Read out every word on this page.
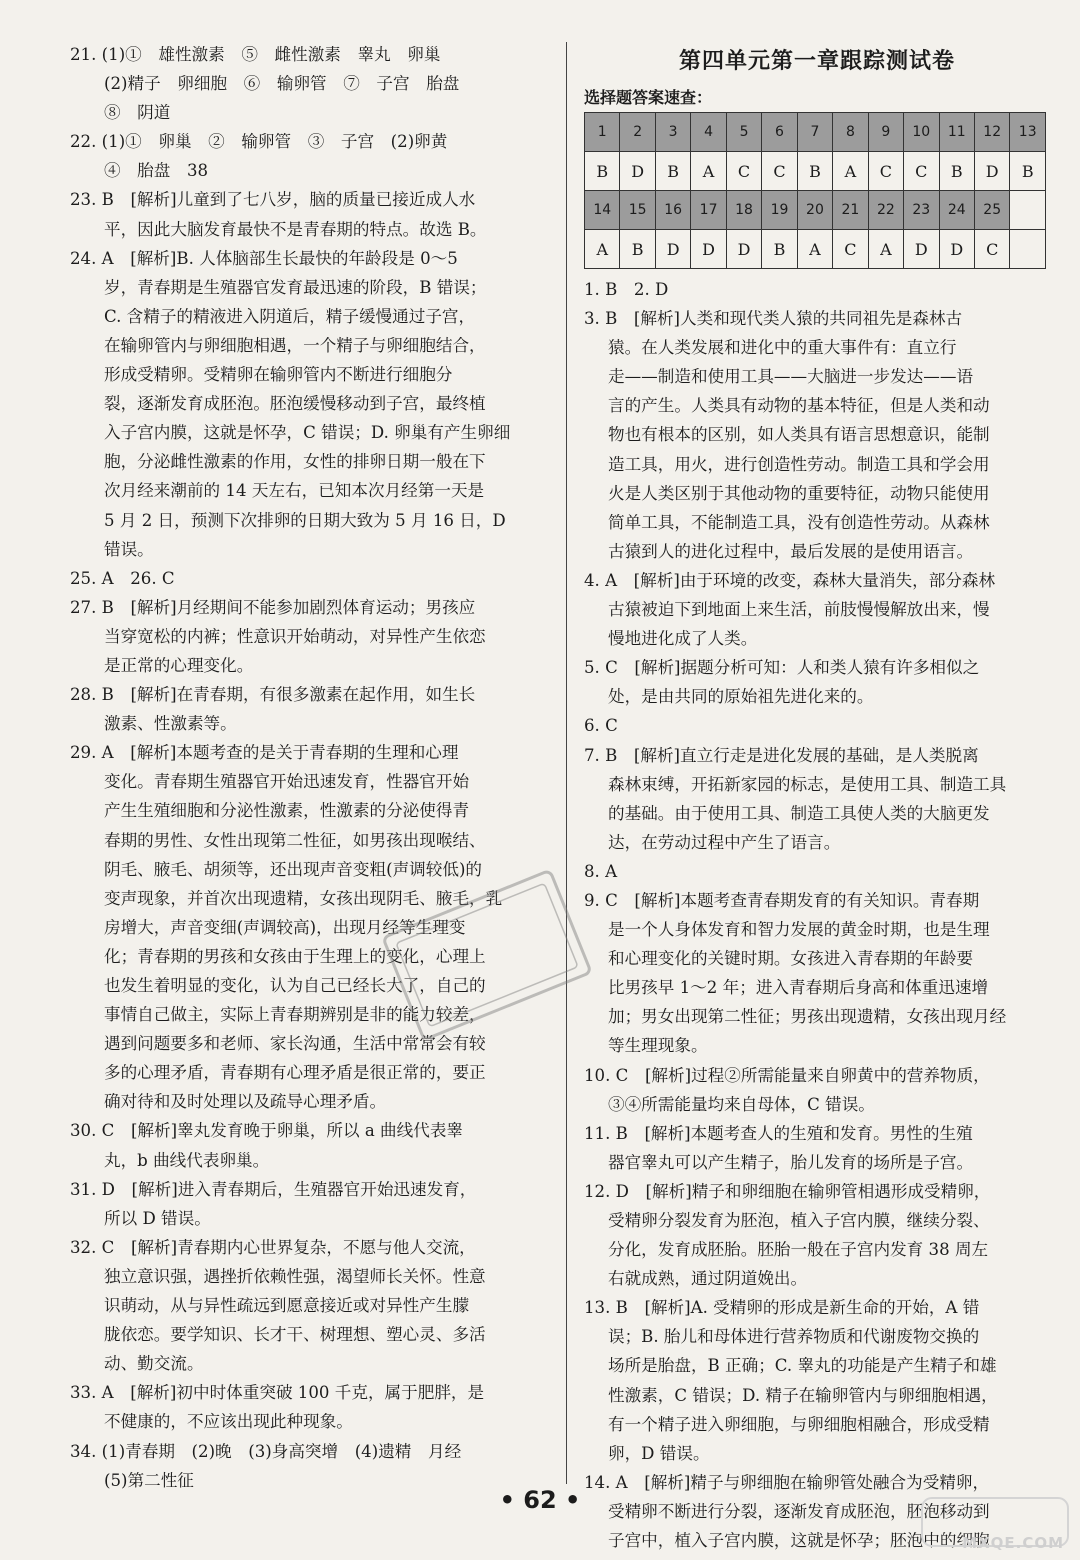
21. (1)①　雄性激素　⑤　雌性激素　睾丸　卵巢
(2)精子　卵细胞　⑥　输卵管　⑦　子宫　胎盘
⑧　阴道

22. (1)①　卵巢　②　输卵管　③　子宫　(2)卵黄
④　胎盘　38

23. B　[解析]儿童到了七八岁，脑的质量已接近成人水
平，因此大脑发育最快不是青春期的特点。故选 B。

24. A　[解析]B. 人体脑部生长最快的年龄段是 0～5
岁，青春期是生殖器官发育最迅速的阶段，B 错误；
C. 含精子的精液进入阴道后，精子缓慢通过子宫，
在输卵管内与卵细胞相遇，一个精子与卵细胞结合，
形成受精卵。受精卵在输卵管内不断进行细胞分
裂，逐渐发育成胚泡。胚泡缓慢移动到子宫，最终植
入子宫内膜，这就是怀孕，C 错误；D. 卵巢有产生卵细
胞，分泌雌性激素的作用，女性的排卵日期一般在下
次月经来潮前的 14 天左右，已知本次月经第一天是
5 月 2 日，预测下次排卵的日期大致为 5 月 16 日，D
错误。

25. A　26. C

27. B　[解析]月经期间不能参加剧烈体育运动；男孩应
当穿宽松的内裤；性意识开始萌动，对异性产生依恋
是正常的心理变化。

28. B　[解析]在青春期，有很多激素在起作用，如生长
激素、性激素等。

29. A　[解析]本题考查的是关于青春期的生理和心理
变化。青春期生殖器官开始迅速发育，性器官开始
产生生殖细胞和分泌性激素，性激素的分泌使得青
春期的男性、女性出现第二性征，如男孩出现喉结、
阴毛、腋毛、胡须等，还出现声音变粗(声调较低)的
变声现象，并首次出现遗精，女孩出现阴毛、腋毛，乳
房增大，声音变细(声调较高)，出现月经等生理变
化；青春期的男孩和女孩由于生理上的变化，心理上
也发生着明显的变化，认为自己已经长大了，自己的
事情自己做主，实际上青春期辨别是非的能力较差，
遇到问题要多和老师、家长沟通，生活中常常会有较
多的心理矛盾，青春期有心理矛盾是很正常的，要正
确对待和及时处理以及疏导心理矛盾。

30. C　[解析]睾丸发育晚于卵巢，所以 a 曲线代表睾
丸，b 曲线代表卵巢。

31. D　[解析]进入青春期后，生殖器官开始迅速发育，
所以 D 错误。

32. C　[解析]青春期内心世界复杂，不愿与他人交流，
独立意识强，遇挫折依赖性强，渴望师长关怀。性意
识萌动，从与异性疏远到愿意接近或对异性产生朦
胧依恋。要学知识、长才干、树理想、塑心灵、多活
动、勤交流。

33. A　[解析]初中时体重突破 100 千克，属于肥胖，是
不健康的，不应该出现此种现象。

34. (1)青春期　(2)晚　(3)身高突增　(4)遗精　月经
(5)第二性征

第四单元第一章跟踪测试卷
选择题答案速查：
1	2	3	4	5	6	7	8	9	10	11	12	13
B	D	B	A	C	C	B	A	C	C	B	D	B
14	15	16	17	18	19	20	21	22	23	24	25	
A	B	D	D	D	B	A	C	A	D	D	C	

1. B　2. D

3. B　[解析]人类和现代类人猿的共同祖先是森林古
猿。在人类发展和进化中的重大事件有：直立行
走——制造和使用工具——大脑进一步发达——语
言的产生。人类具有动物的基本特征，但是人类和动
物也有根本的区别，如人类具有语言思想意识，能制
造工具，用火，进行创造性劳动。制造工具和学会用
火是人类区别于其他动物的重要特征，动物只能使用
简单工具，不能制造工具，没有创造性劳动。从森林
古猿到人的进化过程中，最后发展的是使用语言。

4. A　[解析]由于环境的改变，森林大量消失，部分森林
古猿被迫下到地面上来生活，前肢慢慢解放出来，慢
慢地进化成了人类。

5. C　[解析]据题分析可知：人和类人猿有许多相似之
处，是由共同的原始祖先进化来的。

6. C

7. B　[解析]直立行走是进化发展的基础，是人类脱离
森林束缚，开拓新家园的标志，是使用工具、制造工具
的基础。由于使用工具、制造工具使人类的大脑更发
达，在劳动过程中产生了语言。

8. A

9. C　[解析]本题考查青春期发育的有关知识。青春期
是一个人身体发育和智力发展的黄金时期，也是生理
和心理变化的关键时期。女孩进入青春期的年龄要
比男孩早 1～2 年；进入青春期后身高和体重迅速增
加；男女出现第二性征；男孩出现遗精，女孩出现月经
等生理现象。

10. C　[解析]过程②所需能量来自卵黄中的营养物质，
③④所需能量均来自母体，C 错误。

11. B　[解析]本题考查人的生殖和发育。男性的生殖
器官睾丸可以产生精子，胎儿发育的场所是子宫。

12. D　[解析]精子和卵细胞在输卵管相遇形成受精卵，
受精卵分裂发育为胚泡，植入子宫内膜，继续分裂、
分化，发育成胚胎。胚胎一般在子宫内发育 38 周左
右就成熟，通过阴道娩出。

13. B　[解析]A. 受精卵的形成是新生命的开始，A 错
误；B. 胎儿和母体进行营养物质和代谢废物交换的
场所是胎盘，B 正确；C. 睾丸的功能是产生精子和雄
性激素，C 错误；D. 精子在输卵管内与卵细胞相遇，
有一个精子进入卵细胞，与卵细胞相融合，形成受精
卵，D 错误。

14. A　[解析]精子与卵细胞在输卵管处融合为受精卵，
受精卵不断进行分裂，逐渐发育成胚泡，胚泡移动到
子宫中，植入子宫内膜，这就是怀孕；胚泡中的细胞

• 62 •
MXQE.COM
